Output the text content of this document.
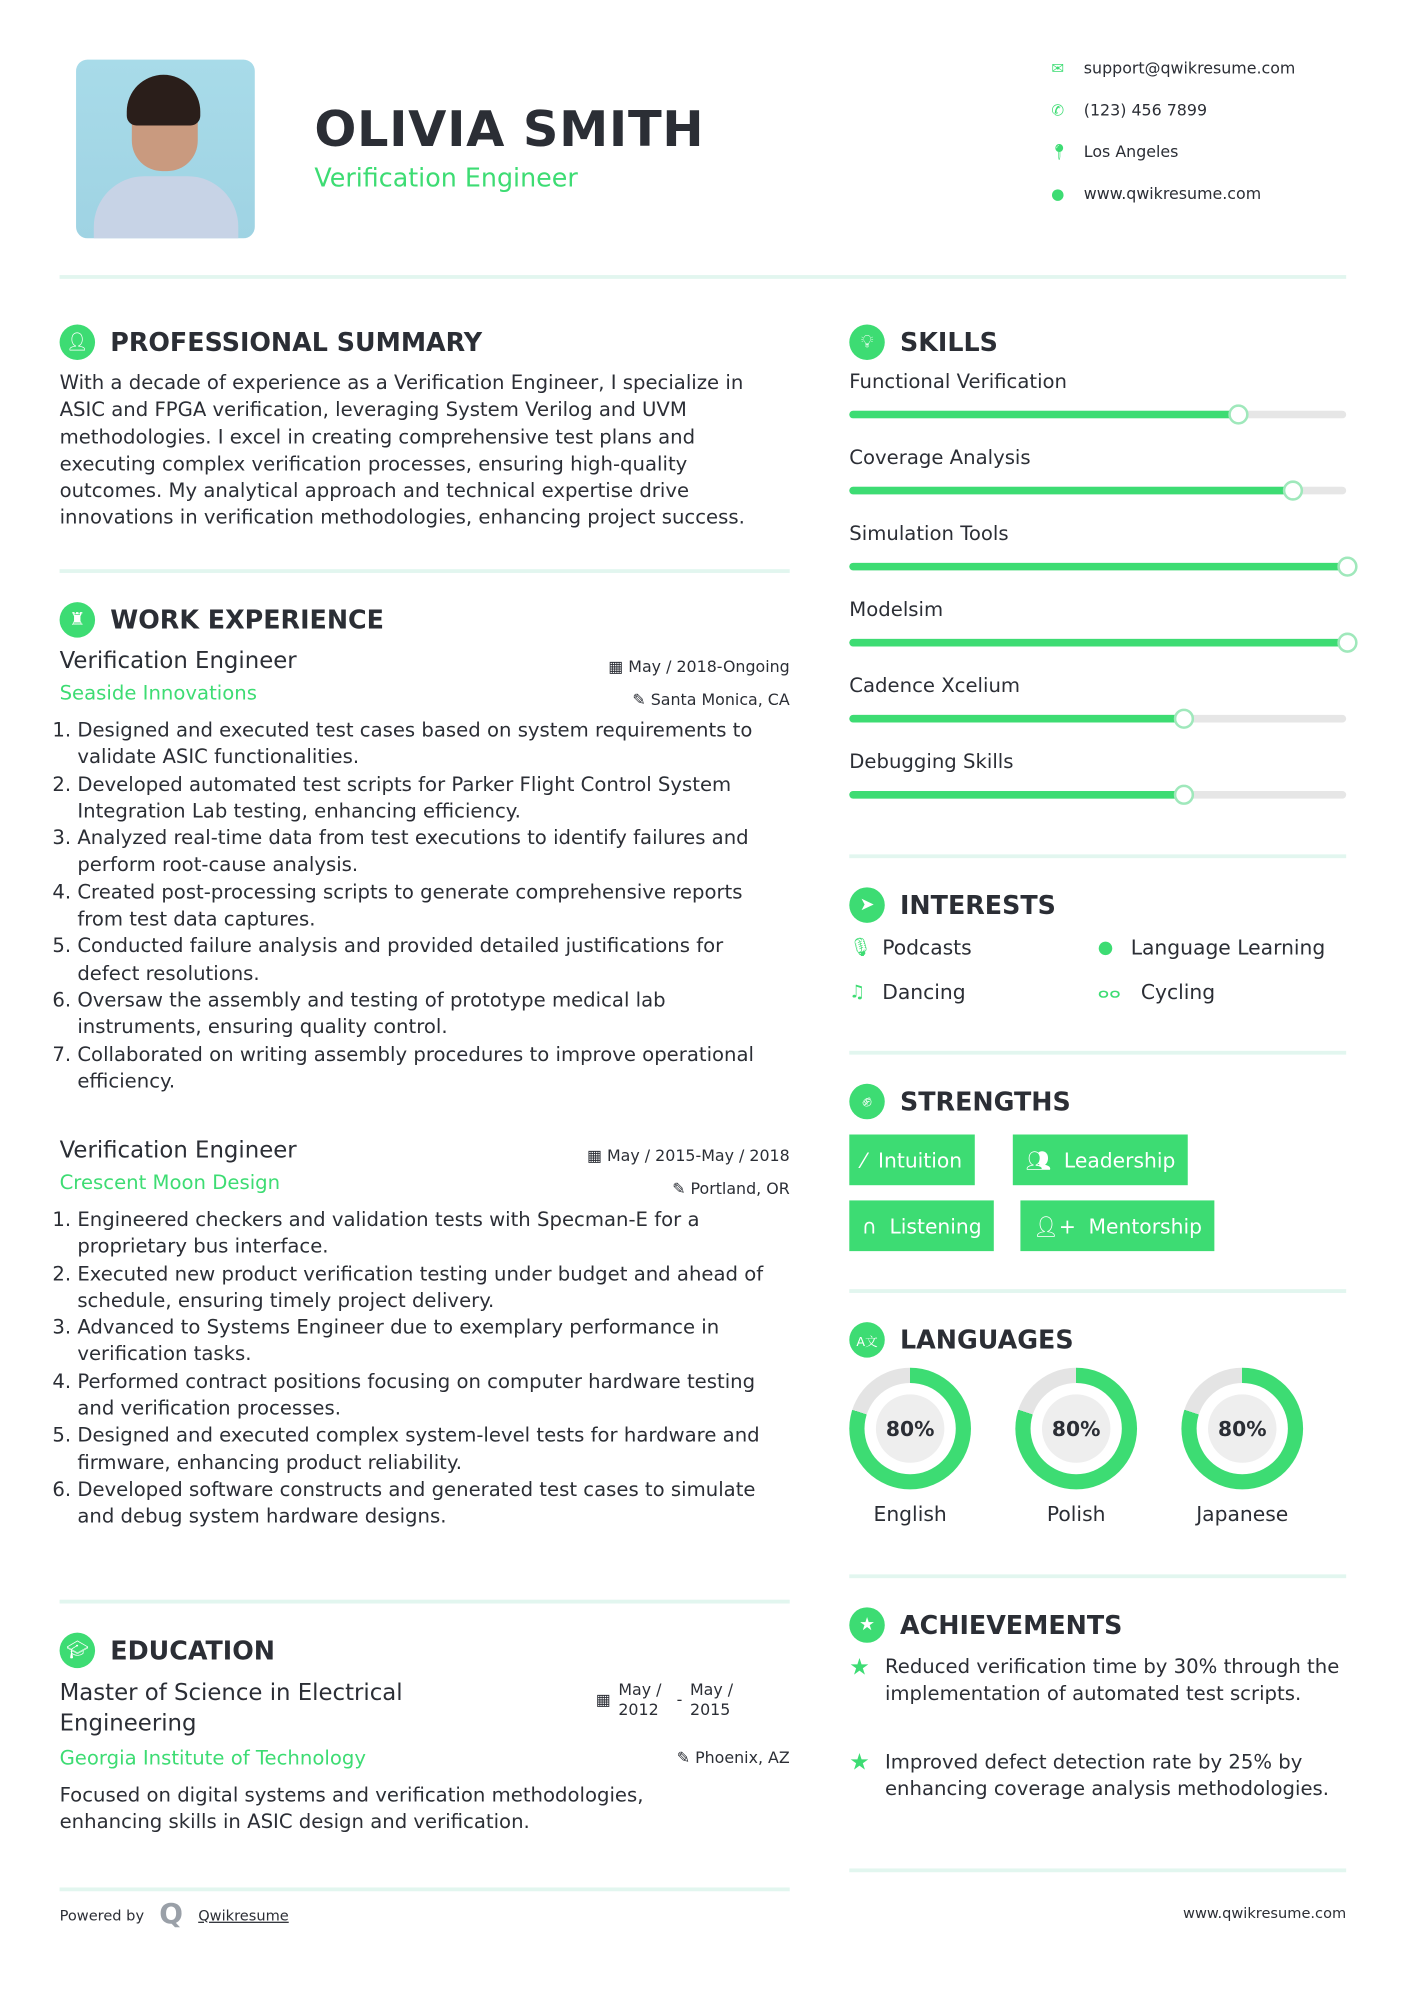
OLIVIA SMITH
Verification Engineer
✉ support@qwikresume.com
✆ (123) 456 7899
📍︎ Los Angeles
● www.qwikresume.com
👤︎	PROFESSIONAL SUMMARY
With a decade of experience as a Verification Engineer, I specialize in ASIC and FPGA verification, leveraging System Verilog and UVM methodologies. I excel in creating comprehensive test plans and executing complex verification processes, ensuring high-quality outcomes. My analytical approach and technical expertise drive innovations in verification methodologies, enhancing project success.
♜	WORK EXPERIENCE
Verification Engineer	▦ May / 2018-Ongoing
Seaside Innovations	✎ Santa Monica, CA
1. Designed and executed test cases based on system requirements to validate ASIC functionalities.
2. Developed automated test scripts for Parker Flight Control System Integration Lab testing, enhancing efficiency.
3. Analyzed real-time data from test executions to identify failures and perform root-cause analysis.
4. Created post-processing scripts to generate comprehensive reports from test data captures.
5. Conducted failure analysis and provided detailed justifications for defect resolutions.
6. Oversaw the assembly and testing of prototype medical lab instruments, ensuring quality control.
7. Collaborated on writing assembly procedures to improve operational efficiency.
Verification Engineer	▦ May / 2015-May / 2018
Crescent Moon Design	✎ Portland, OR
1. Engineered checkers and validation tests with Specman-E for a proprietary bus interface.
2. Executed new product verification testing under budget and ahead of schedule, ensuring timely project delivery.
3. Advanced to Systems Engineer due to exemplary performance in verification tasks.
4. Performed contract positions focusing on computer hardware testing and verification processes.
5. Designed and executed complex system-level tests for hardware and firmware, enhancing product reliability.
6. Developed software constructs and generated test cases to simulate and debug system hardware designs.
🎓︎	EDUCATION
Master of Science in Electrical Engineering
▦
May / 2012
-
May / 2015
Georgia Institute of Technology	✎ Phoenix, AZ
Focused on digital systems and verification methodologies, enhancing skills in ASIC design and verification.
Powered by Q Qwikresume	www.qwikresume.com
💡︎	SKILLS
Functional Verification
Coverage Analysis
Simulation Tools
Modelsim
Cadence Xcelium
Debugging Skills
➤	INTERESTS
🎙︎ Podcasts	● Language Learning
♫ Dancing	ⴰⴰ	Cycling
✊︎	STRENGTHS
⁄ Intuition	👥︎ Leadership
∩ Listening	👤︎+ Mentorship
A文	LANGUAGES
80%
English
80%
Polish
80%
Japanese
★	ACHIEVEMENTS
★ Reduced verification time by 30% through the implementation of automated test scripts.
★ Improved defect detection rate by 25% by enhancing coverage analysis methodologies.
